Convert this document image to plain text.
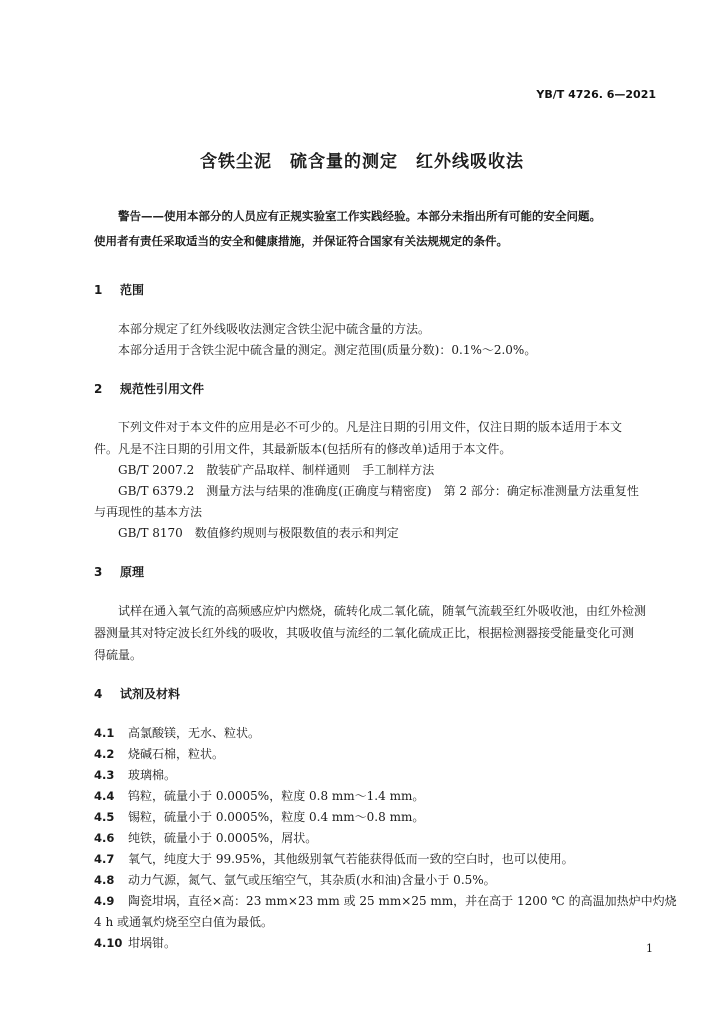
YB/T 4726. 6—2021
含铁尘泥　硫含量的测定　红外线吸收法
警告——使用本部分的人员应有正规实验室工作实践经验。本部分未指出所有可能的安全问题。
使用者有责任采取适当的安全和健康措施，并保证符合国家有关法规规定的条件。
1 范围
本部分规定了红外线吸收法测定含铁尘泥中硫含量的方法。
本部分适用于含铁尘泥中硫含量的测定。测定范围(质量分数)：0.1%～2.0%。
2 规范性引用文件
下列文件对于本文件的应用是必不可少的。凡是注日期的引用文件，仅注日期的版本适用于本文
件。凡是不注日期的引用文件，其最新版本(包括所有的修改单)适用于本文件。
GB/T 2007.2　散装矿产品取样、制样通则　手工制样方法
GB/T 6379.2　测量方法与结果的准确度(正确度与精密度)　第 2 部分：确定标准测量方法重复性
与再现性的基本方法
GB/T 8170　数值修约规则与极限数值的表示和判定
3 原理
试样在通入氧气流的高频感应炉内燃烧，硫转化成二氧化硫，随氧气流载至红外吸收池，由红外检测
器测量其对特定波长红外线的吸收，其吸收值与流经的二氧化硫成正比，根据检测器接受能量变化可测
得硫量。
4 试剂及材料
4.1 高氯酸镁，无水、粒状。
4.2 烧碱石棉，粒状。
4.3 玻璃棉。
4.4 钨粒，硫量小于 0.0005%，粒度 0.8 mm～1.4 mm。
4.5 锡粒，硫量小于 0.0005%，粒度 0.4 mm～0.8 mm。
4.6 纯铁，硫量小于 0.0005%，屑状。
4.7 氧气，纯度大于 99.95%，其他级别氧气若能获得低而一致的空白时，也可以使用。
4.8 动力气源，氮气、氩气或压缩空气，其杂质(水和油)含量小于 0.5%。
4.9 陶瓷坩埚，直径×高：23 mm×23 mm 或 25 mm×25 mm，并在高于 1200 ℃ 的高温加热炉中灼烧
4 h 或通氧灼烧至空白值为最低。
4.10 坩埚钳。	1
